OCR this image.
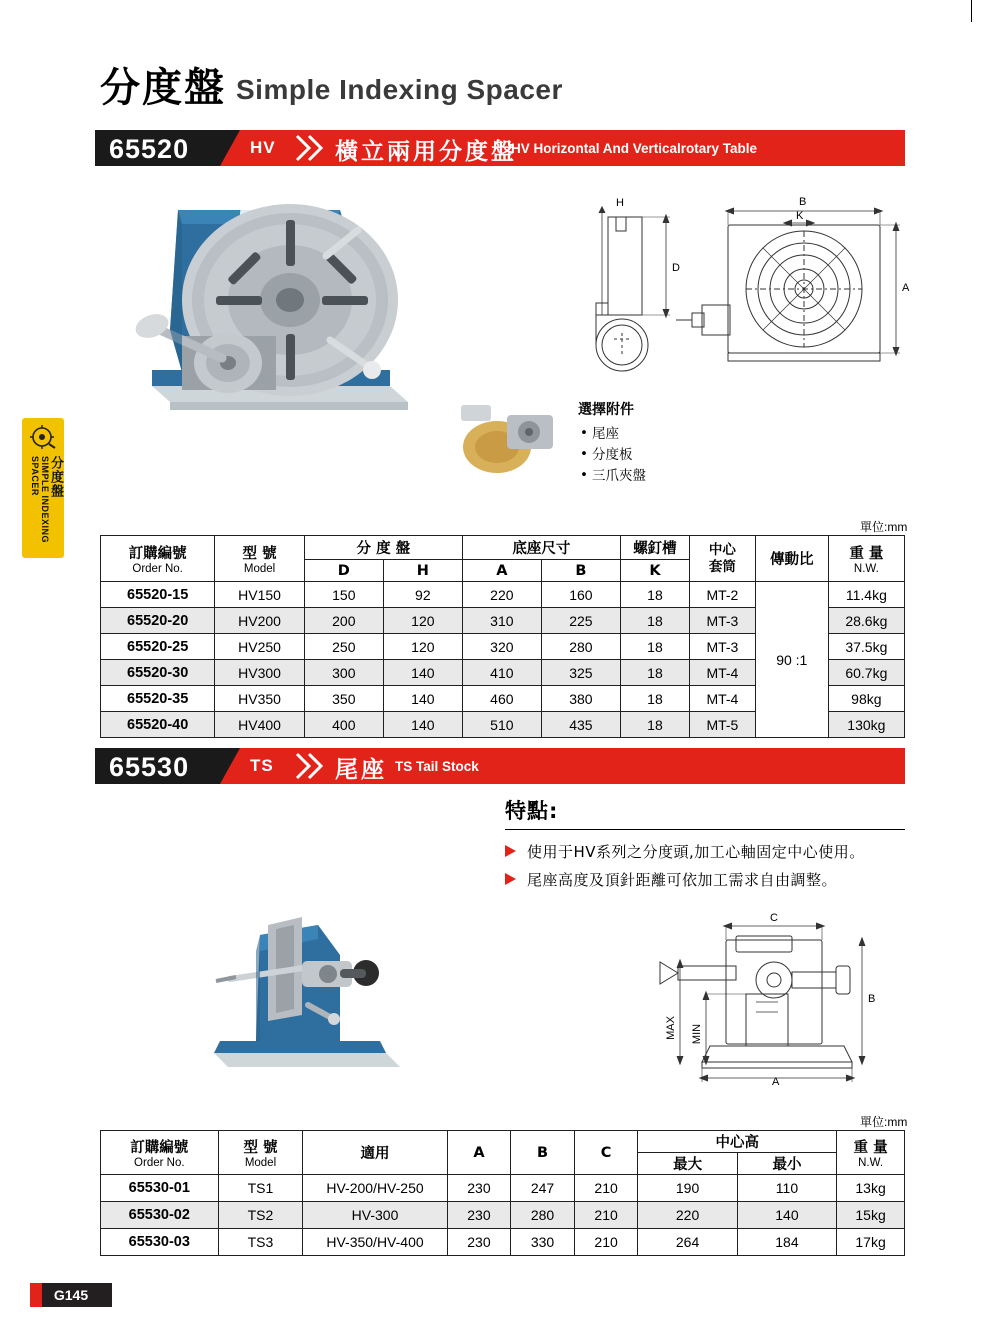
分度盤 Simple Indexing Spacer
分度盤
SIMPLE INDEXING SPACER
65520	HV	橫立兩用分度盤
HV Horizontal And Verticalrotary Table
H
D
B
K
A
選擇附件
• 尾座
• 分度板
• 三爪夾盤
單位:mm
訂購編號
Order No.	型 號
Model	分 度 盤		底座尺寸		螺釘槽	中心
套筒	傳動比	重 量
N.W.

		D	H	A	B	K			
65520-15	HV150	150	92	220	160	18	MT-2	90 :1	11.4kg
65520-20	HV200	200	120	310	225	18	MT-3		28.6kg
65520-25	HV250	250	120	320	280	18	MT-3		37.5kg
65520-30	HV300	300	140	410	325	18	MT-4		60.7kg
65520-35	HV350	350	140	460	380	18	MT-4		98kg
65520-40	HV400	400	140	510	435	18	MT-5		130kg
65530	TS	尾座 TS Tail Stock
特點:
使用于HV系列之分度頭,加工心軸固定中心使用。
尾座高度及頂針距離可依加工需求自由調整。
C
B
A
MAX MIN
單位:mm
訂購編號
Order No.	型 號
Model	適用	A	B	C	中心高		重 量
N.W.

						最大	最小	
65530-01	TS1	HV-200/HV-250	230	247	210	190	110	13kg
65530-02	TS2	HV-300	230	280	210	220	140	15kg
65530-03	TS3	HV-350/HV-400	230	330	210	264	184	17kg
G145
